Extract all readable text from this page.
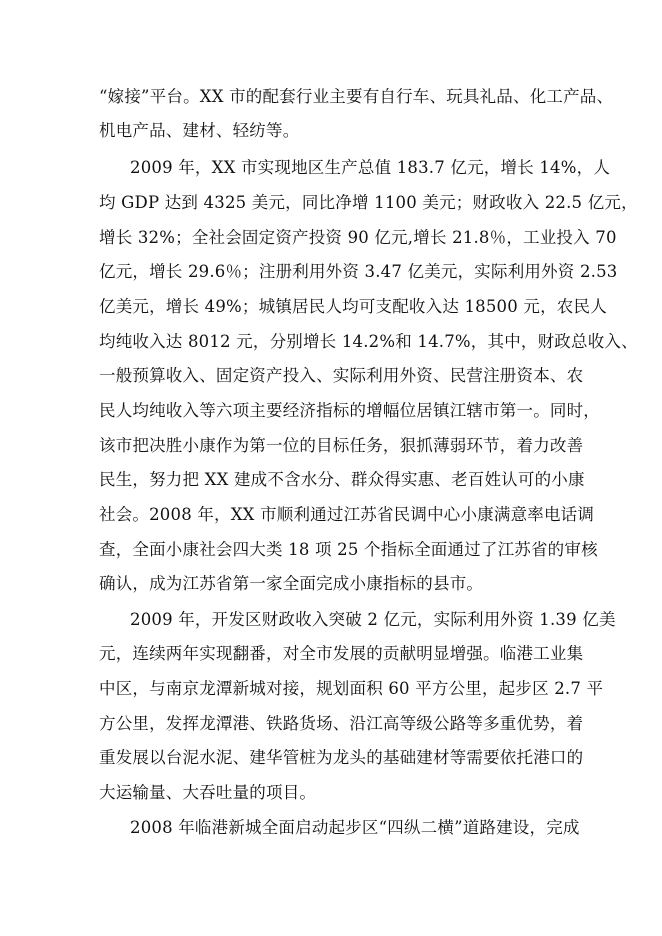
“嫁接”平台。XX 市的配套行业主要有自行车、玩具礼品、化工产品、
机电产品、建材、轻纺等。
2009 年，XX 市实现地区生产总值 183.7 亿元，增长 14%，人
均 GDP 达到 4325 美元，同比净增 1100 美元；财政收入 22.5 亿元，
增长 32%；全社会固定资产投资 90 亿元,增长 21.8％，工业投入 70
亿元，增长 29.6％；注册利用外资 3.47 亿美元，实际利用外资 2.53
亿美元，增长 49%；城镇居民人均可支配收入达 18500 元，农民人
均纯收入达 8012 元，分别增长 14.2%和 14.7%，其中，财政总收入、
一般预算收入、固定资产投入、实际利用外资、民营注册资本、农
民人均纯收入等六项主要经济指标的增幅位居镇江辖市第一。同时，
该市把决胜小康作为第一位的目标任务，狠抓薄弱环节，着力改善
民生，努力把 XX 建成不含水分、群众得实惠、老百姓认可的小康
社会。2008 年，XX 市顺利通过江苏省民调中心小康满意率电话调
查，全面小康社会四大类 18 项 25 个指标全面通过了江苏省的审核
确认，成为江苏省第一家全面完成小康指标的县市。
2009 年，开发区财政收入突破 2 亿元，实际利用外资 1.39 亿美
元，连续两年实现翻番，对全市发展的贡献明显增强。临港工业集
中区，与南京龙潭新城对接，规划面积 60 平方公里，起步区 2.7 平
方公里，发挥龙潭港、铁路货场、沿江高等级公路等多重优势，着
重发展以台泥水泥、建华管桩为龙头的基础建材等需要依托港口的
大运输量、大吞吐量的项目。
2008 年临港新城全面启动起步区“四纵二横”道路建设，完成
